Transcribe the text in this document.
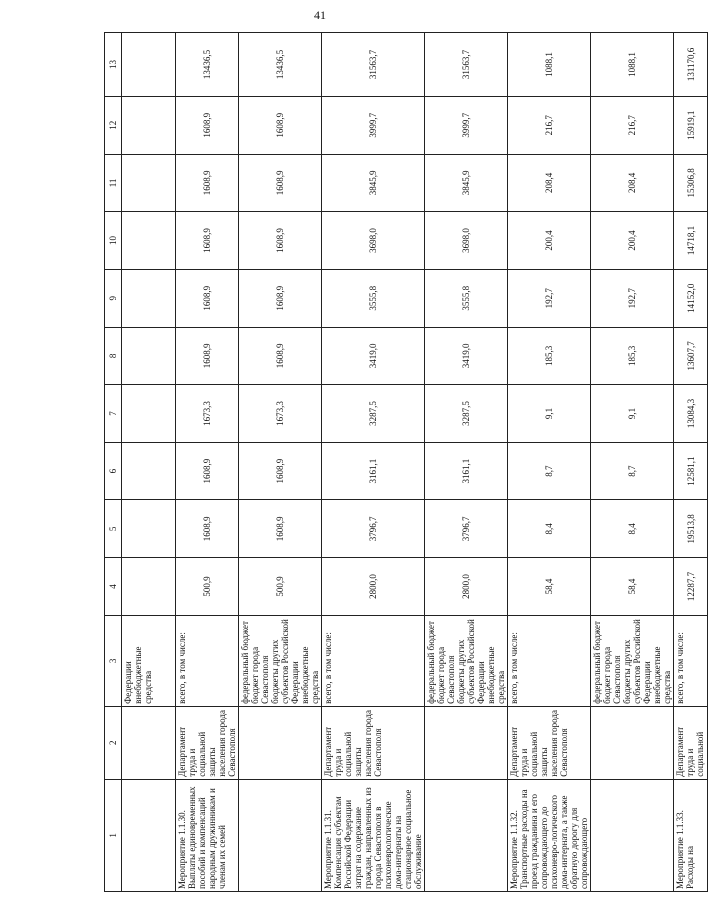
41
1	2	3	4	5	6	7	8	9	10	11	12	13
		Федерации
внебюджетные средства										
Мероприятие 1.1.30. Выплаты единовременных пособий и компенсаций народным дружинникам и членам их семей	Департамент труда и социальной защиты населения города Севастополя	всего, в том числе:	500,9	1608,9	1608,9	1673,3	1608,9	1608,9	1608,9	1608,9	1608,9	13436,5
		федеральный бюджет
бюджет города Севастополя
бюджеты других субъектов Российской Федерации
внебюджетные средства	500,9	1608,9	1608,9	1673,3	1608,9	1608,9	1608,9	1608,9	1608,9	13436,5
Мероприятие 1.1.31. Компенсация субъектам Российской Федерации затрат на содержание граждан, направленных из города Севастополя в психоневрологические дома-интернаты на стационарное социальное обслуживание	Департамент труда и социальной защиты населения города Севастополя	всего, в том числе:	2800,0	3796,7	3161,1	3287,5	3419,0	3555,8	3698,0	3845,9	3999,7	31563,7
		федеральный бюджет
бюджет города Севастополя
бюджеты других субъектов Российской Федерации
внебюджетные средства	2800,0	3796,7	3161,1	3287,5	3419,0	3555,8	3698,0	3845,9	3999,7	31563,7
Мероприятие 1.1.32. Транспортные расходы на проезд гражданина и его сопровождающего до психоневро-логического дома-интерната, а также обратную дорогу для сопровождающего	Департамент труда и социальной защиты населения города Севастополя	всего, в том числе:	58,4	8,4	8,7	9,1	185,3	192,7	200,4	208,4	216,7	1088,1
		федеральный бюджет
бюджет города Севастополя
бюджеты других субъектов Российской Федерации
внебюджетные средства	58,4	8,4	8,7	9,1	185,3	192,7	200,4	208,4	216,7	1088,1
Мероприятие 1.1.33. Расходы на	Департамент труда и социальной	всего, в том числе:	12287,7	19513,8	12581,1	13084,3	13607,7	14152,0	14718,1	15306,8	15919,1	131170,6
